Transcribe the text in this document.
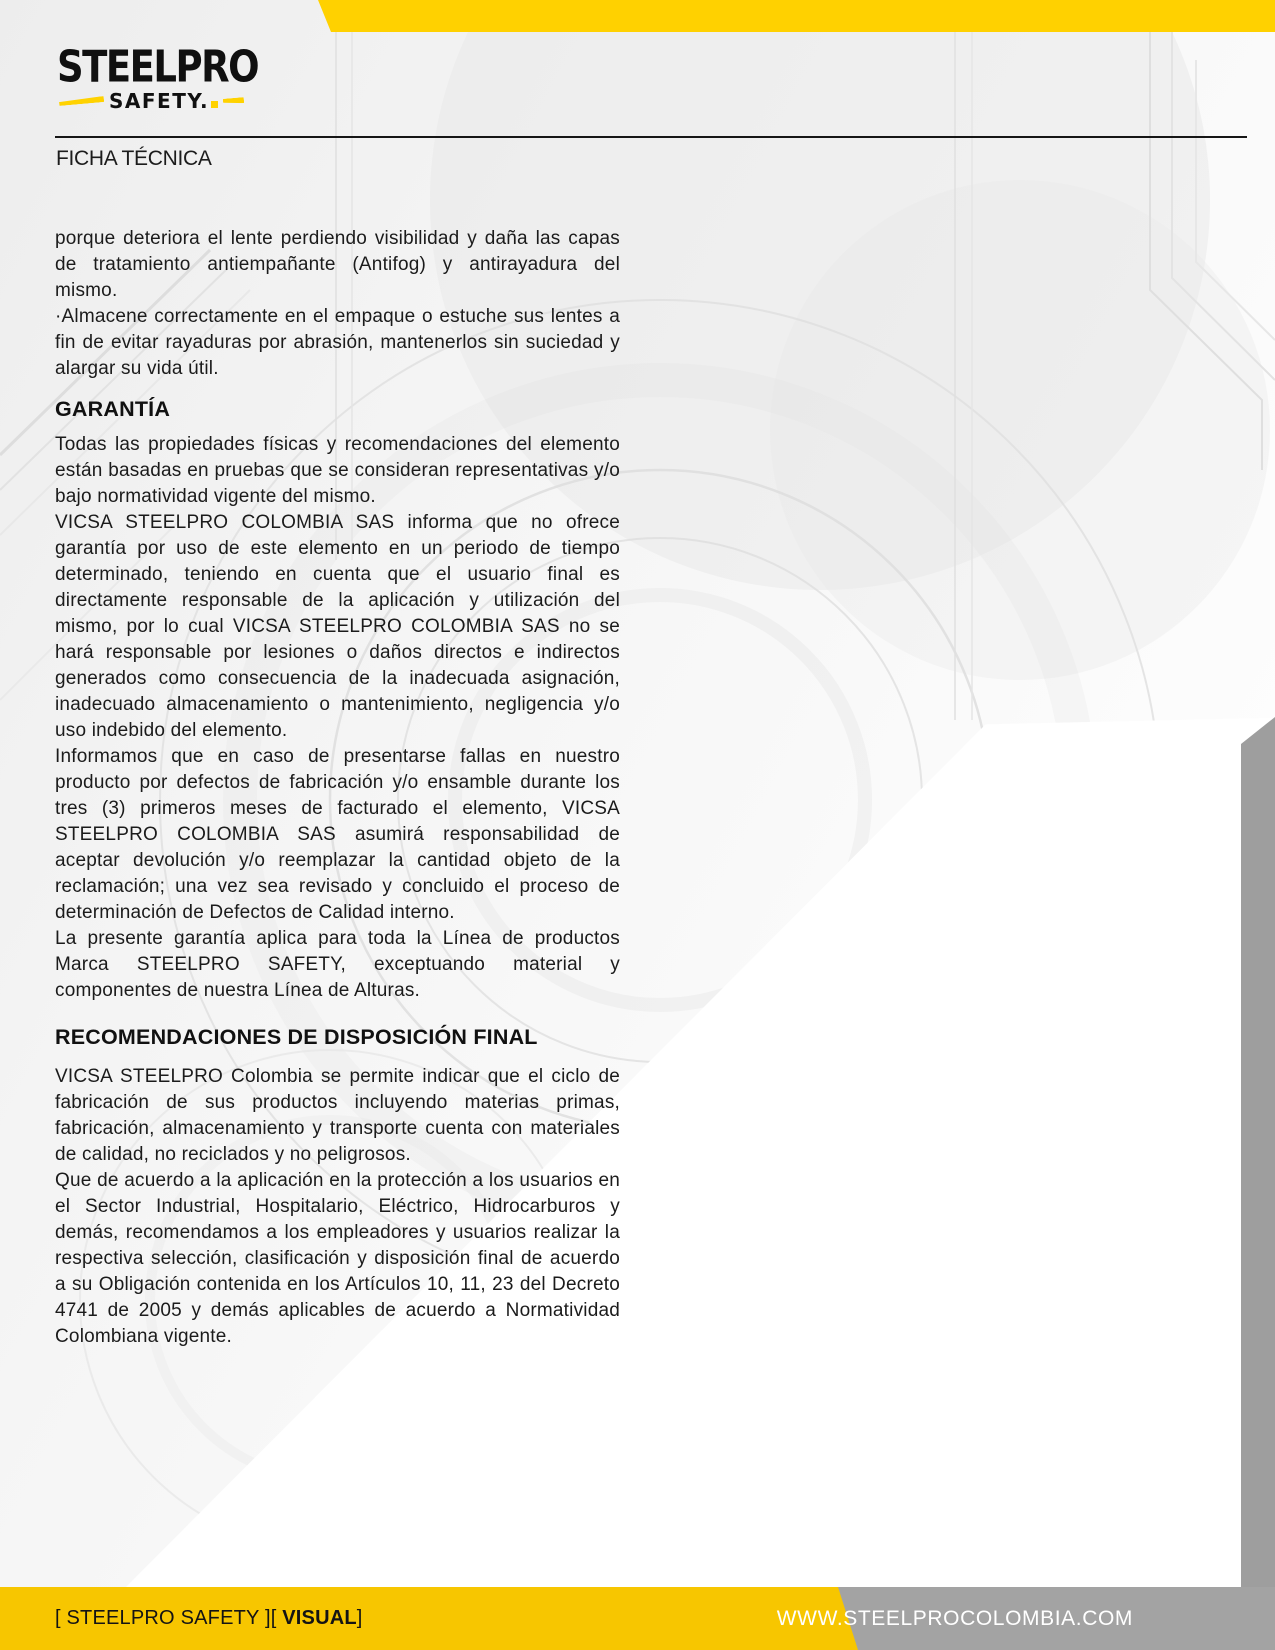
STEELPRO
SAFETY.
FICHA TÉCNICA

porque deteriora el lente perdiendo visibilidad y daña las capas de tratamiento antiempañante (Antifog) y antirayadura del mismo.

·Almacene correctamente en el empaque o estuche sus lentes a fin de evitar rayaduras por abrasión, mantenerlos sin suciedad y alargar su vida útil.

GARANTÍA

Todas las propiedades físicas y recomendaciones del elemento están basadas en pruebas que se consideran representativas y/o bajo normatividad vigente del mismo.

VICSA STEELPRO COLOMBIA SAS informa que no ofrece garantía por uso de este elemento en un periodo de tiempo determinado, teniendo en cuenta que el usuario final es directamente responsable de la aplicación y utilización del mismo, por lo cual VICSA STEELPRO COLOMBIA SAS no se hará responsable por lesiones o daños directos e indirectos generados como consecuencia de la inadecuada asignación, inadecuado almacenamiento o mantenimiento, negligencia y/o uso indebido del elemento.

Informamos que en caso de presentarse fallas en nuestro producto por defectos de fabricación y/o ensamble durante los tres (3) primeros meses de facturado el elemento, VICSA STEELPRO COLOMBIA SAS asumirá responsabilidad de aceptar devolución y/o reemplazar la cantidad objeto de la reclamación; una vez sea revisado y concluido el proceso de determinación de Defectos de Calidad interno.

La presente garantía aplica para toda la Línea de productos Marca STEELPRO SAFETY, exceptuando material y componentes de nuestra Línea de Alturas.

RECOMENDACIONES DE DISPOSICIÓN FINAL

VICSA STEELPRO Colombia se permite indicar que el ciclo de fabricación de sus productos incluyendo materias primas, fabricación, almacenamiento y transporte cuenta con materiales de calidad, no reciclados y no peligrosos.

Que de acuerdo a la aplicación en la protección a los usuarios en el Sector Industrial, Hospitalario, Eléctrico, Hidrocarburos y demás, recomendamos a los empleadores y usuarios realizar la respectiva selección, clasificación y disposición final de acuerdo a su Obligación contenida en los Artículos 10, 11, 23 del Decreto 4741 de 2005 y demás aplicables de acuerdo a Normatividad Colombiana vigente.

[ STEELPRO SAFETY ][ VISUAL ]	WWW.STEELPROCOLOMBIA.COM
